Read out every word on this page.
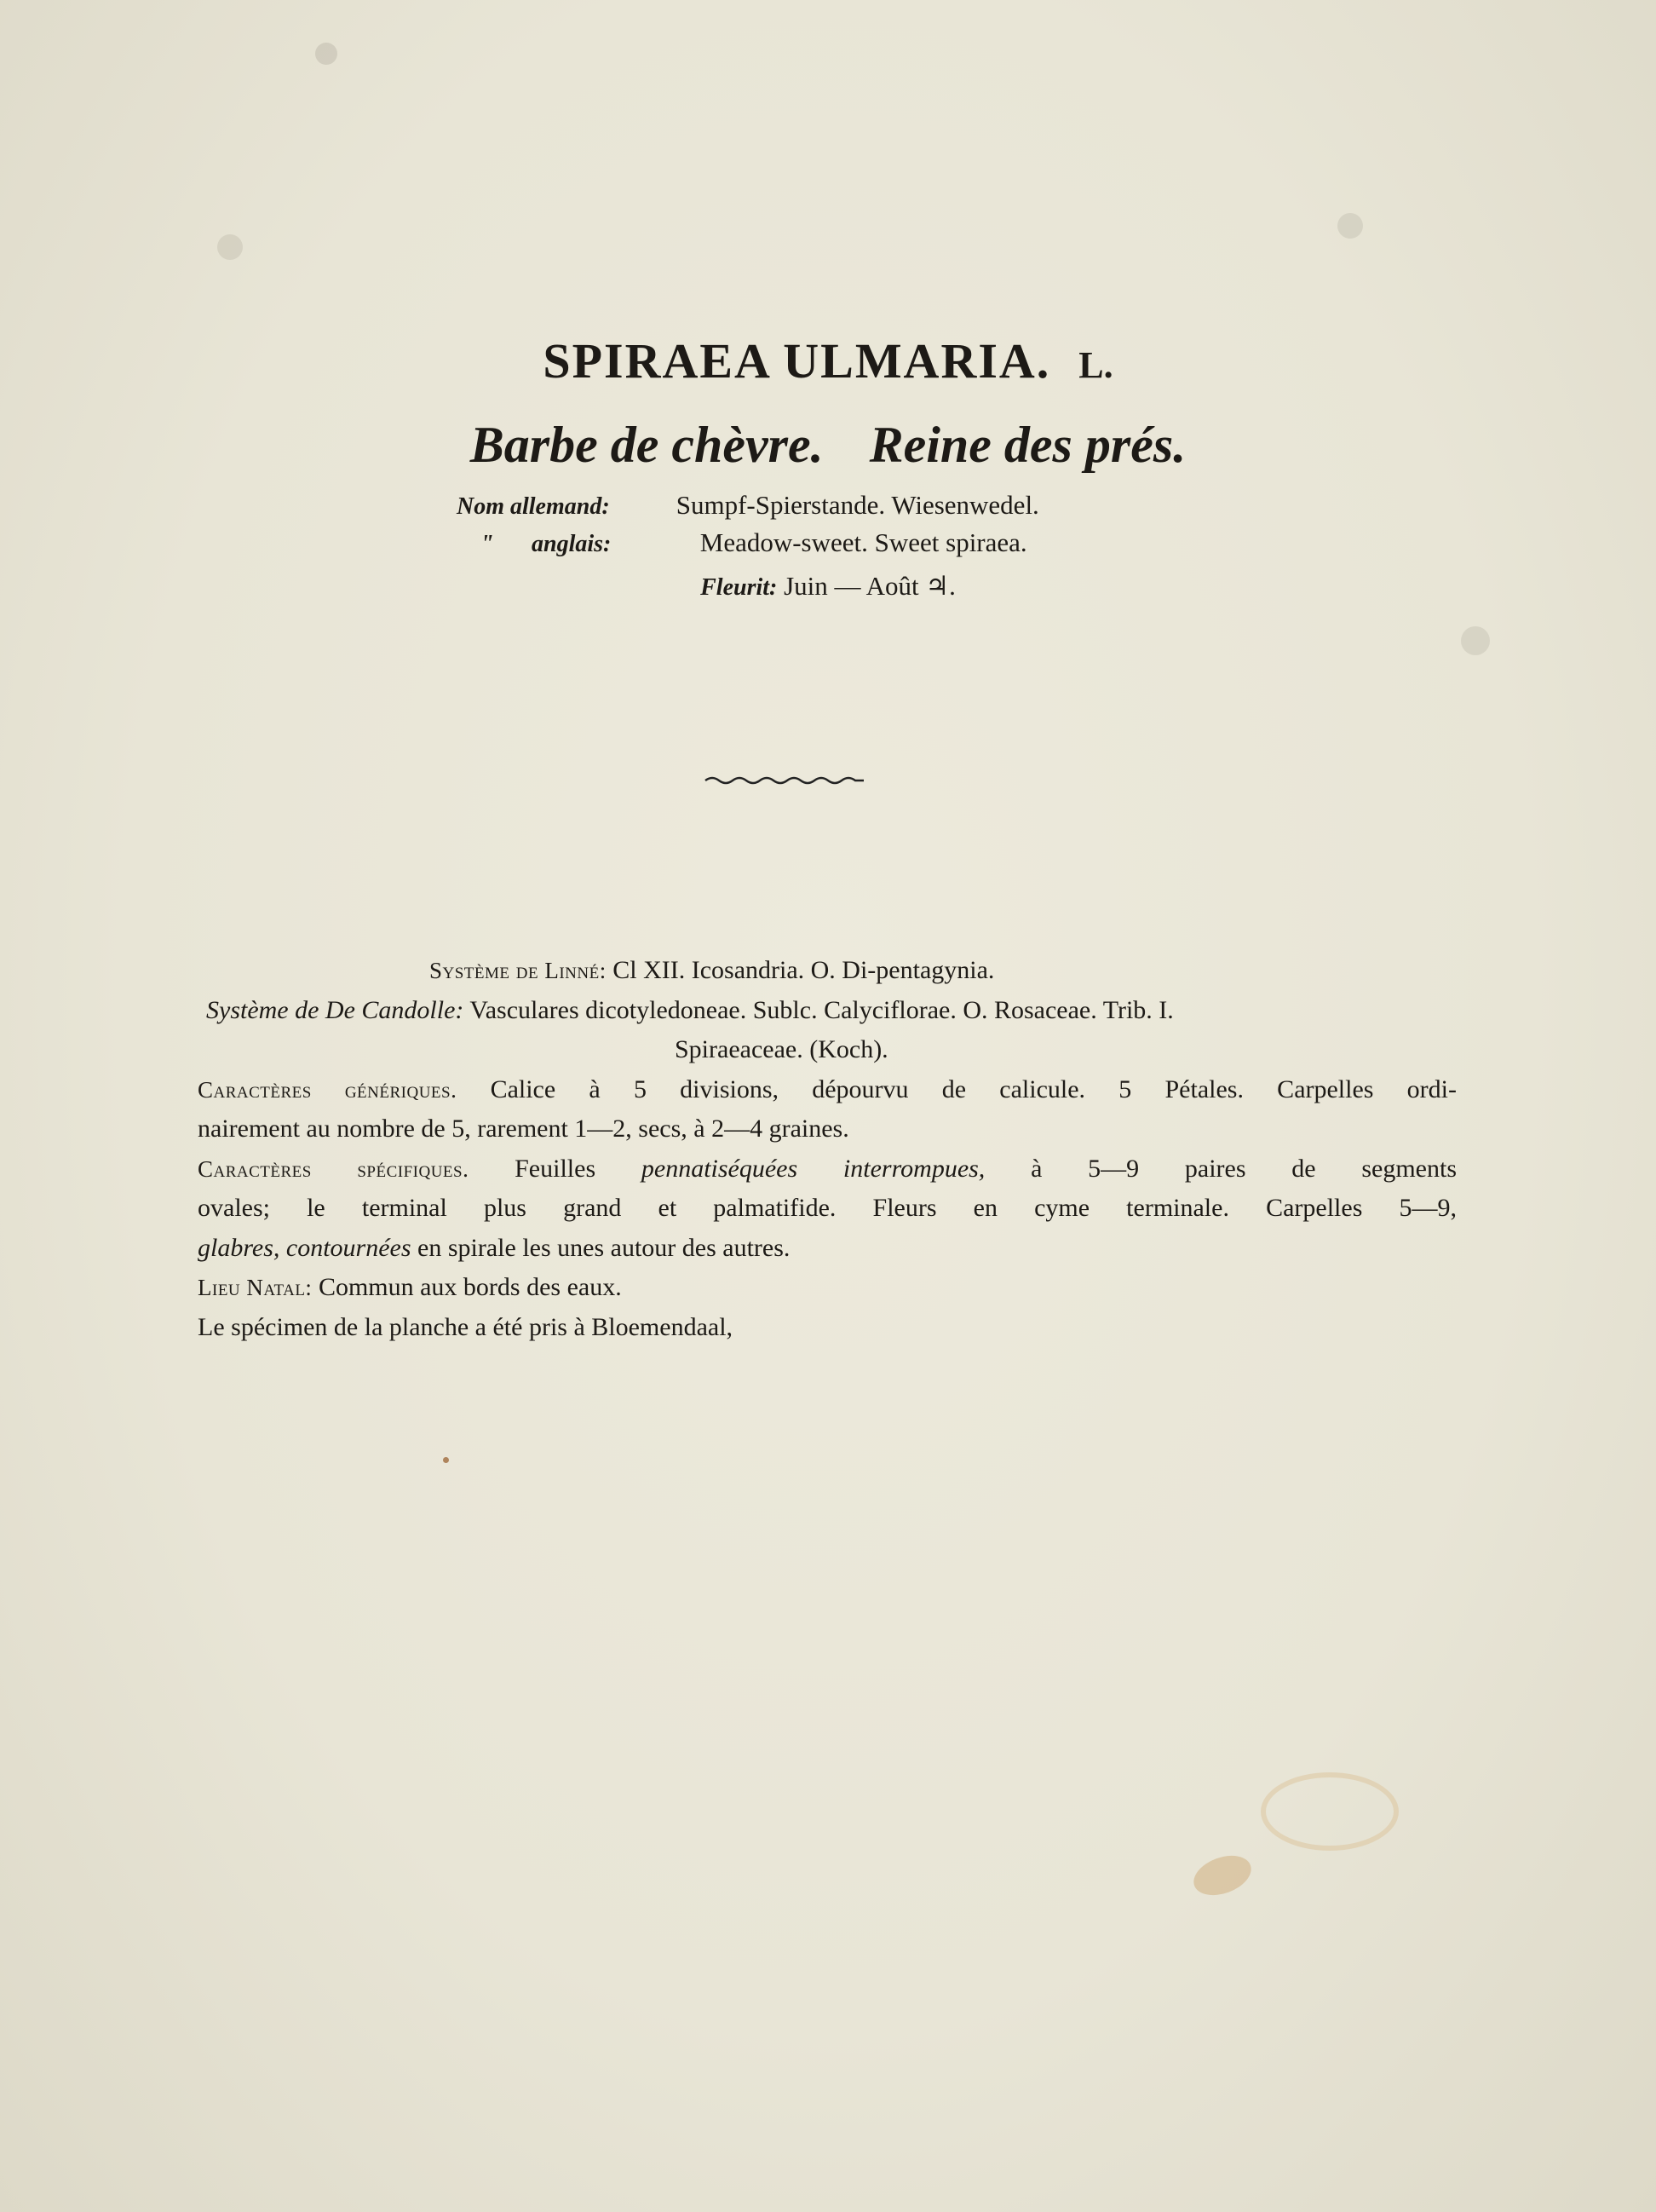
SPIRAEA ULMARIA. L.
Barbe de chèvre. Reine des prés.
Nom allemand:	Sumpf-Spierstande. Wiesenwedel.
" anglais:	Meadow-sweet. Sweet spiraea.
Fleurit: Juin — Août ♃.

Système de Linné: Cl XII. Icosandria. O. Di-pentagynia.

Système de De Candolle: Vasculares dicotyledoneae. Sublc. Calyciflorae. O. Rosaceae. Trib. I.

Spiraeaceae. (Koch).

Caractères génériques. Calice à 5 divisions, dépourvu de calicule. 5 Pétales. Carpelles ordi-

nairement au nombre de 5, rarement 1—2, secs, à 2—4 graines.

Caractères spécifiques. Feuilles pennatiséquées interrompues, à 5—9 paires de segments

ovales; le terminal plus grand et palmatifide. Fleurs en cyme terminale. Carpelles 5—9,

glabres, contournées en spirale les unes autour des autres.

Lieu Natal: Commun aux bords des eaux.

Le spécimen de la planche a été pris à Bloemendaal,
